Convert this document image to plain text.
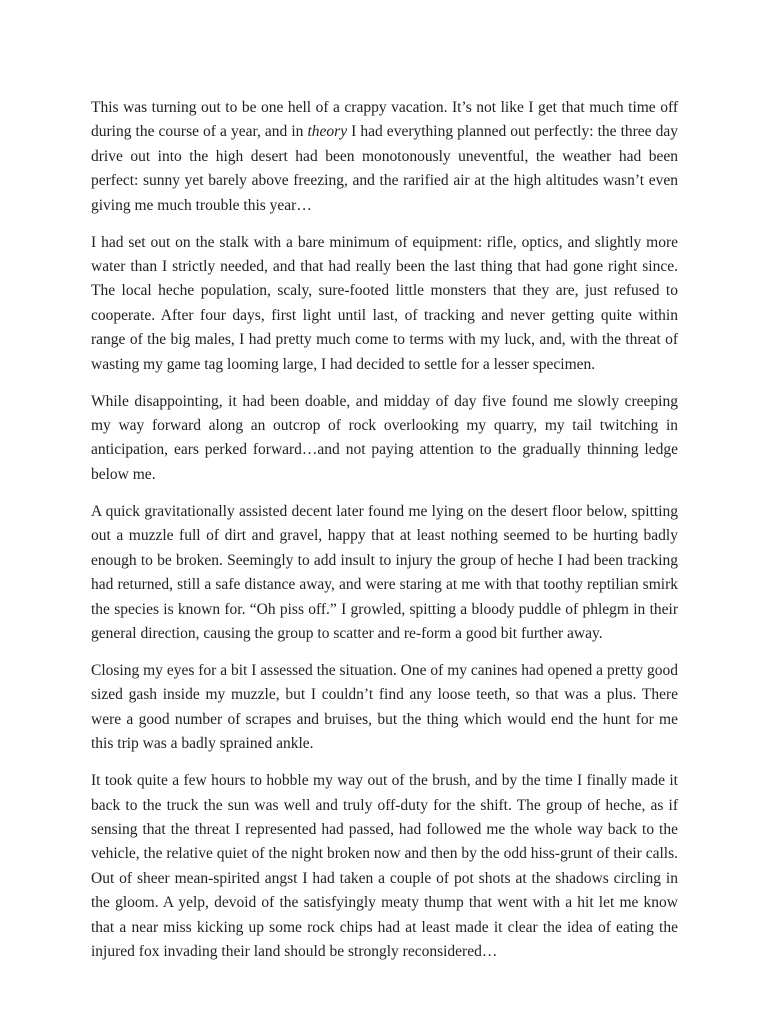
This was turning out to be one hell of a crappy vacation. It’s not like I get that much time off during the course of a year, and in theory I had everything planned out perfectly: the three day drive out into the high desert had been monotonously uneventful, the weather had been perfect: sunny yet barely above freezing, and the rarified air at the high altitudes wasn’t even giving me much trouble this year…

I had set out on the stalk with a bare minimum of equipment: rifle, optics, and slightly more water than I strictly needed, and that had really been the last thing that had gone right since. The local heche population, scaly, sure-footed little monsters that they are, just refused to cooperate. After four days, first light until last, of tracking and never getting quite within range of the big males, I had pretty much come to terms with my luck, and, with the threat of wasting my game tag looming large, I had decided to settle for a lesser specimen.

While disappointing, it had been doable, and midday of day five found me slowly creeping my way forward along an outcrop of rock overlooking my quarry, my tail twitching in anticipation, ears perked forward…and not paying attention to the gradually thinning ledge below me.

A quick gravitationally assisted decent later found me lying on the desert floor below, spitting out a muzzle full of dirt and gravel, happy that at least nothing seemed to be hurting badly enough to be broken. Seemingly to add insult to injury the group of heche I had been tracking had returned, still a safe distance away, and were staring at me with that toothy reptilian smirk the species is known for. “Oh piss off.” I growled, spitting a bloody puddle of phlegm in their general direction, causing the group to scatter and re-form a good bit further away.

Closing my eyes for a bit I assessed the situation. One of my canines had opened a pretty good sized gash inside my muzzle, but I couldn’t find any loose teeth, so that was a plus. There were a good number of scrapes and bruises, but the thing which would end the hunt for me this trip was a badly sprained ankle.

It took quite a few hours to hobble my way out of the brush, and by the time I finally made it back to the truck the sun was well and truly off-duty for the shift. The group of heche, as if sensing that the threat I represented had passed, had followed me the whole way back to the vehicle, the relative quiet of the night broken now and then by the odd hiss-grunt of their calls. Out of sheer mean-spirited angst I had taken a couple of pot shots at the shadows circling in the gloom. A yelp, devoid of the satisfyingly meaty thump that went with a hit let me know that a near miss kicking up some rock chips had at least made it clear the idea of eating the injured fox invading their land should be strongly reconsidered…
